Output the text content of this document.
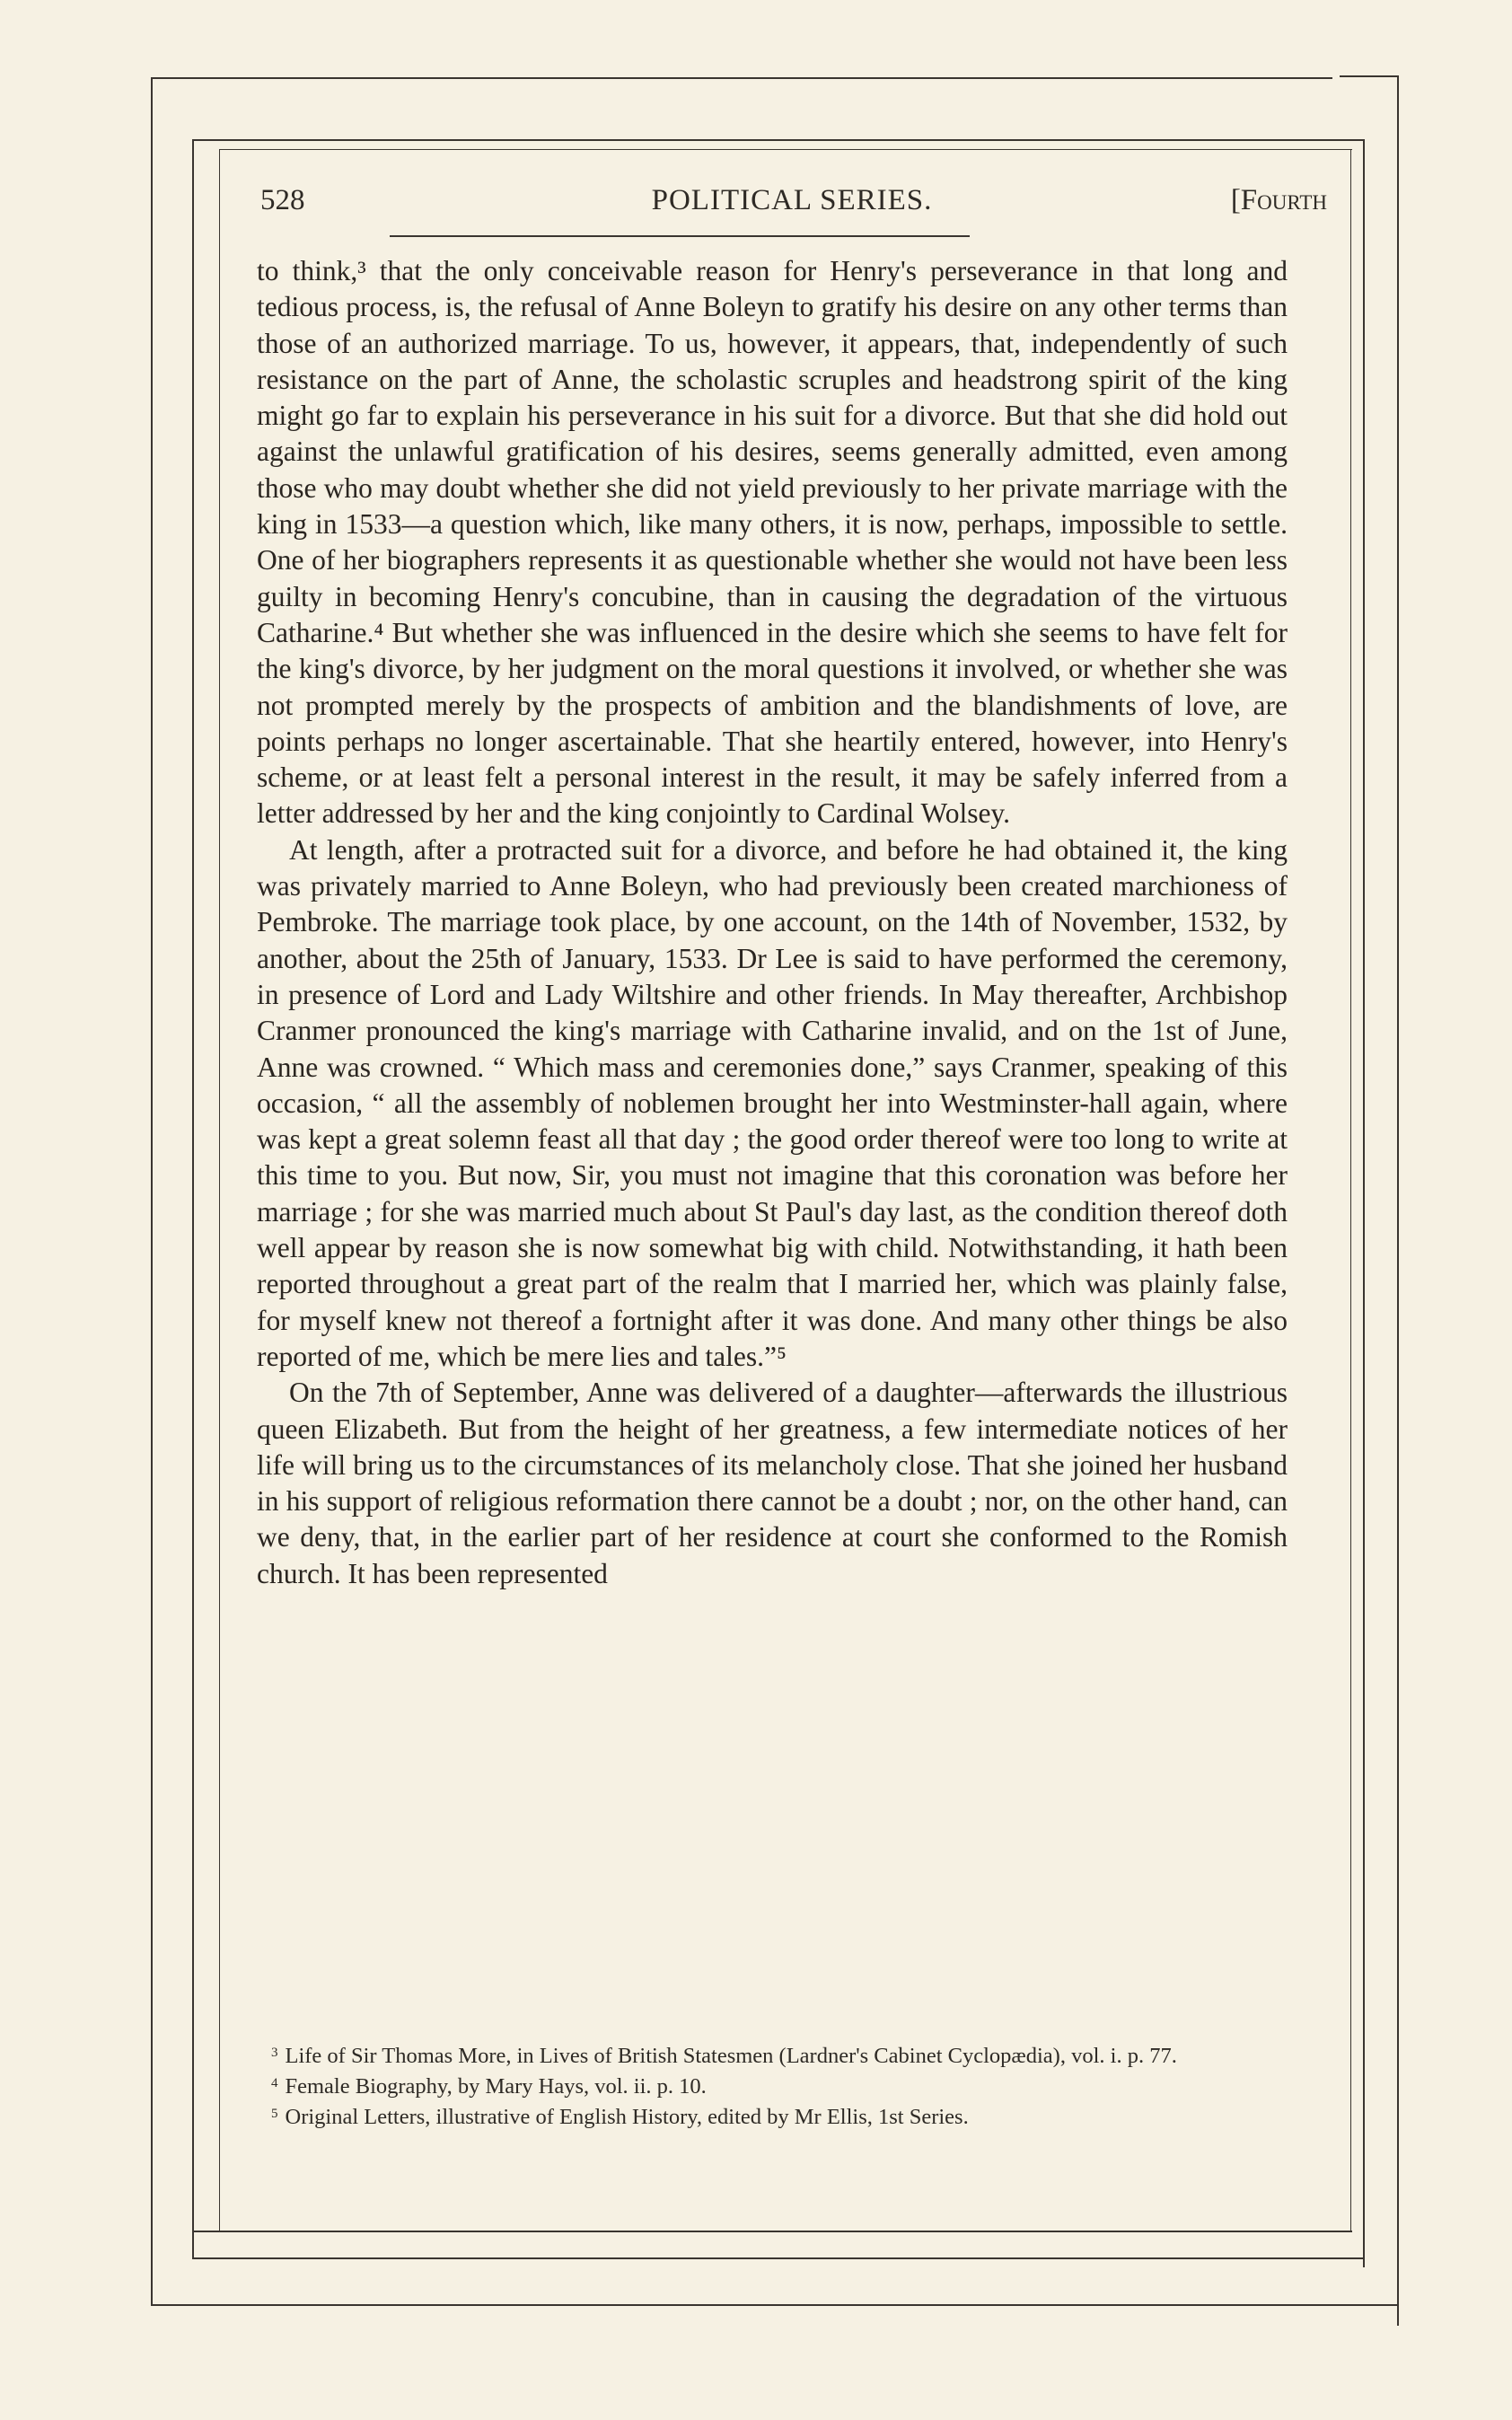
528	POLITICAL SERIES.	[Fourth

to think,³ that the only conceivable reason for Henry's perseverance in that long and tedious process, is, the refusal of Anne Boleyn to gratify his desire on any other terms than those of an authorized marriage. To us, however, it appears, that, independently of such resistance on the part of Anne, the scholastic scruples and headstrong spirit of the king might go far to explain his perseverance in his suit for a divorce. But that she did hold out against the unlawful gratification of his desires, seems generally admitted, even among those who may doubt whether she did not yield previously to her private marriage with the king in 1533—a question which, like many others, it is now, perhaps, impossible to settle. One of her biographers represents it as questionable whether she would not have been less guilty in becoming Henry's concubine, than in causing the degradation of the virtuous Catharine.⁴ But whether she was influenced in the desire which she seems to have felt for the king's divorce, by her judgment on the moral questions it involved, or whether she was not prompted merely by the prospects of ambition and the blandishments of love, are points perhaps no longer ascertainable. That she heartily entered, however, into Henry's scheme, or at least felt a personal interest in the result, it may be safely inferred from a letter addressed by her and the king conjointly to Cardinal Wolsey.

At length, after a protracted suit for a divorce, and before he had obtained it, the king was privately married to Anne Boleyn, who had previously been created marchioness of Pembroke. The marriage took place, by one account, on the 14th of November, 1532, by another, about the 25th of January, 1533. Dr Lee is said to have performed the ceremony, in presence of Lord and Lady Wiltshire and other friends. In May thereafter, Archbishop Cranmer pronounced the king's marriage with Catharine invalid, and on the 1st of June, Anne was crowned. “ Which mass and ceremonies done,” says Cranmer, speaking of this occasion, “ all the assembly of noblemen brought her into Westminster-hall again, where was kept a great solemn feast all that day ; the good order thereof were too long to write at this time to you. But now, Sir, you must not imagine that this coronation was before her marriage ; for she was married much about St Paul's day last, as the condition thereof doth well appear by reason she is now somewhat big with child. Notwithstanding, it hath been reported throughout a great part of the realm that I married her, which was plainly false, for myself knew not thereof a fortnight after it was done. And many other things be also reported of me, which be mere lies and tales.”⁵

On the 7th of September, Anne was delivered of a daughter—afterwards the illustrious queen Elizabeth. But from the height of her greatness, a few intermediate notices of her life will bring us to the circumstances of its melancholy close. That she joined her husband in his support of religious reformation there cannot be a doubt ; nor, on the other hand, can we deny, that, in the earlier part of her residence at court she conformed to the Romish church. It has been represented

$^3$ Life of Sir Thomas More, in Lives of British Statesmen (Lardner's Cabinet Cyclopædia), vol. i. p. 77.

$^4$ Female Biography, by Mary Hays, vol. ii. p. 10.

$^5$ Original Letters, illustrative of English History, edited by Mr Ellis, 1st Series.
